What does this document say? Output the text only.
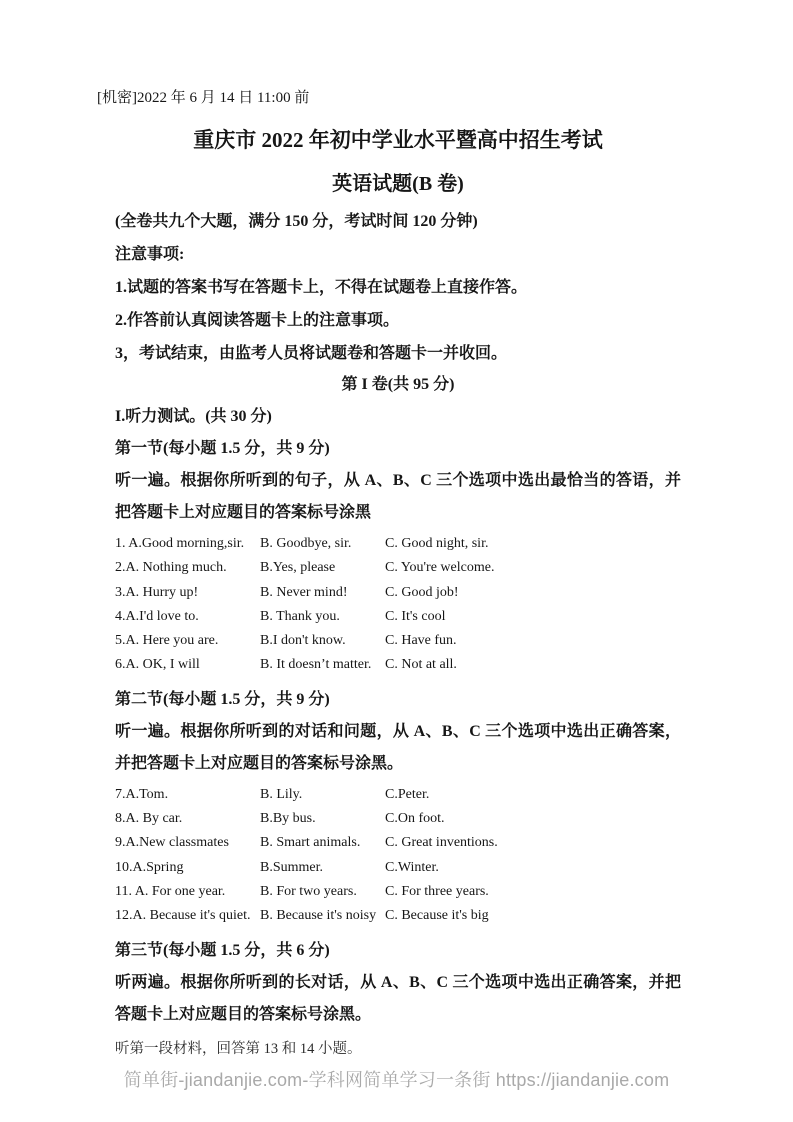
[机密]2022 年 6 月 14 日 11:00 前
重庆市 2022 年初中学业水平暨高中招生考试
英语试题(B 卷)
(全卷共九个大题，满分 150 分，考试时间 120 分钟)
注意事项:
1.试题的答案书写在答题卡上，不得在试题卷上直接作答。
2.作答前认真阅读答题卡上的注意事项。
3，考试结束，由监考人员将试题卷和答题卡一并收回。
第 I 卷(共 95 分)
I.听力测试。(共 30 分)
第一节(每小题 1.5 分，共 9 分)
听一遍。根据你所听到的句子，从 A、B、C 三个选项中选出最恰当的答语，并
把答题卡上对应题目的答案标号涂黑
1. A.Good morning,sir.	B. Goodbye, sir.	C. Good night, sir.
2.A. Nothing much.	B.Yes, please	C. You're welcome.
3.A. Hurry up!	B. Never mind!	C. Good job!
4.A.I'd love to.	B. Thank you.	C. It's cool
5.A. Here you are.	B.I don't know.	C. Have fun.
6.A. OK, I will	B. It doesn’t matter. C. Not at all.
第二节(每小题 1.5 分，共 9 分)
听一遍。根据你所听到的对话和问题，从 A、B、C 三个选项中选出正确答案，
并把答题卡上对应题目的答案标号涂黑。
7.A.Tom.	B. Lily.	C.Peter.
8.A. By car.	B.By bus.	C.On foot.
9.A.New classmates	B. Smart animals.	C. Great inventions.
10.A.Spring	B.Summer.	C.Winter.
11. A. For one year.	B. For two years.	C. For three years.
12.A. Because it's quiet. B. Because it's noisy C. Because it's big
第三节(每小题 1.5 分，共 6 分)
听两遍。根据你所听到的长对话，从 A、B、C 三个选项中选出正确答案，并把
答题卡上对应题目的答案标号涂黑。
听第一段材料，回答第 13 和 14 小题。
简单街-jiandanjie.com-学科网简单学习一条街 https://jiandanjie.com
